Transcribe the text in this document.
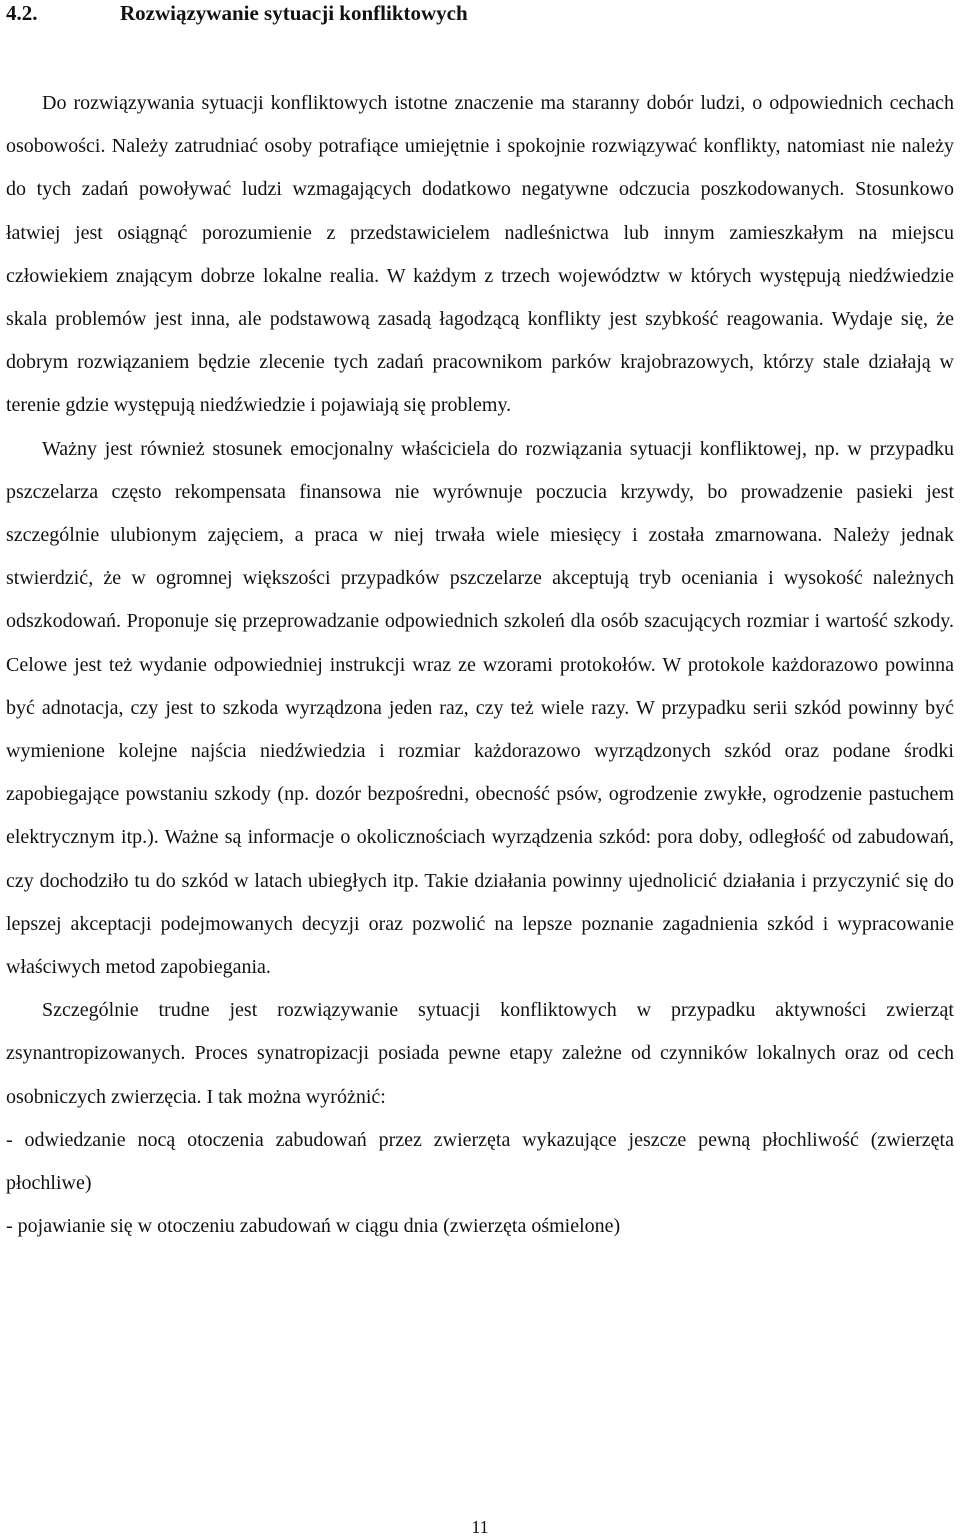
4.2.	Rozwiązywanie sytuacji konfliktowych

Do rozwiązywania sytuacji konfliktowych istotne znaczenie ma staranny dobór ludzi, o odpowiednich cechach osobowości. Należy zatrudniać osoby potrafiące umiejętnie i spokojnie rozwiązywać konflikty, natomiast nie należy do tych zadań powoływać ludzi wzmagających dodatkowo negatywne odczucia poszkodowanych. Stosunkowo łatwiej jest osiągnąć porozumienie z przedstawicielem nadleśnictwa lub innym zamieszkałym na miejscu człowiekiem znającym dobrze lokalne realia. W każdym z trzech województw w których występują niedźwiedzie skala problemów jest inna, ale podstawową zasadą łagodzącą konflikty jest szybkość reagowania. Wydaje się, że dobrym rozwiązaniem będzie zlecenie tych zadań pracownikom parków krajobrazowych, którzy stale działają w terenie gdzie występują niedźwiedzie i pojawiają się problemy.

Ważny jest również stosunek emocjonalny właściciela do rozwiązania sytuacji konfliktowej, np. w przypadku pszczelarza często rekompensata finansowa nie wyrównuje poczucia krzywdy, bo prowadzenie pasieki jest szczególnie ulubionym zajęciem, a praca w niej trwała wiele miesięcy i została zmarnowana. Należy jednak stwierdzić, że w ogromnej większości przypadków pszczelarze akceptują tryb oceniania i wysokość należnych odszkodowań. Proponuje się przeprowadzanie odpowiednich szkoleń dla osób szacujących rozmiar i wartość szkody. Celowe jest też wydanie odpowiedniej instrukcji wraz ze wzorami protokołów. W protokole każdorazowo powinna być adnotacja, czy jest to szkoda wyrządzona jeden raz, czy też wiele razy. W przypadku serii szkód powinny być wymienione kolejne najścia niedźwiedzia i rozmiar każdorazowo wyrządzonych szkód oraz podane środki zapobiegające powstaniu szkody (np. dozór bezpośredni, obecność psów, ogrodzenie zwykłe, ogrodzenie pastuchem elektrycznym itp.). Ważne są informacje o okolicznościach wyrządzenia szkód: pora doby, odległość od zabudowań, czy dochodziło tu do szkód w latach ubiegłych itp. Takie działania powinny ujednolicić działania i przyczynić się do lepszej akceptacji podejmowanych decyzji oraz pozwolić na lepsze poznanie zagadnienia szkód i wypracowanie właściwych metod zapobiegania.

Szczególnie trudne jest rozwiązywanie sytuacji konfliktowych w przypadku aktywności zwierząt zsynantropizowanych. Proces synatropizacji posiada pewne etapy zależne od czynników lokalnych oraz od cech osobniczych zwierzęcia. I tak można wyróżnić:

- odwiedzanie nocą otoczenia zabudowań przez zwierzęta wykazujące jeszcze pewną płochliwość (zwierzęta płochliwe)

- pojawianie się w otoczeniu zabudowań w ciągu dnia (zwierzęta ośmielone)

11
